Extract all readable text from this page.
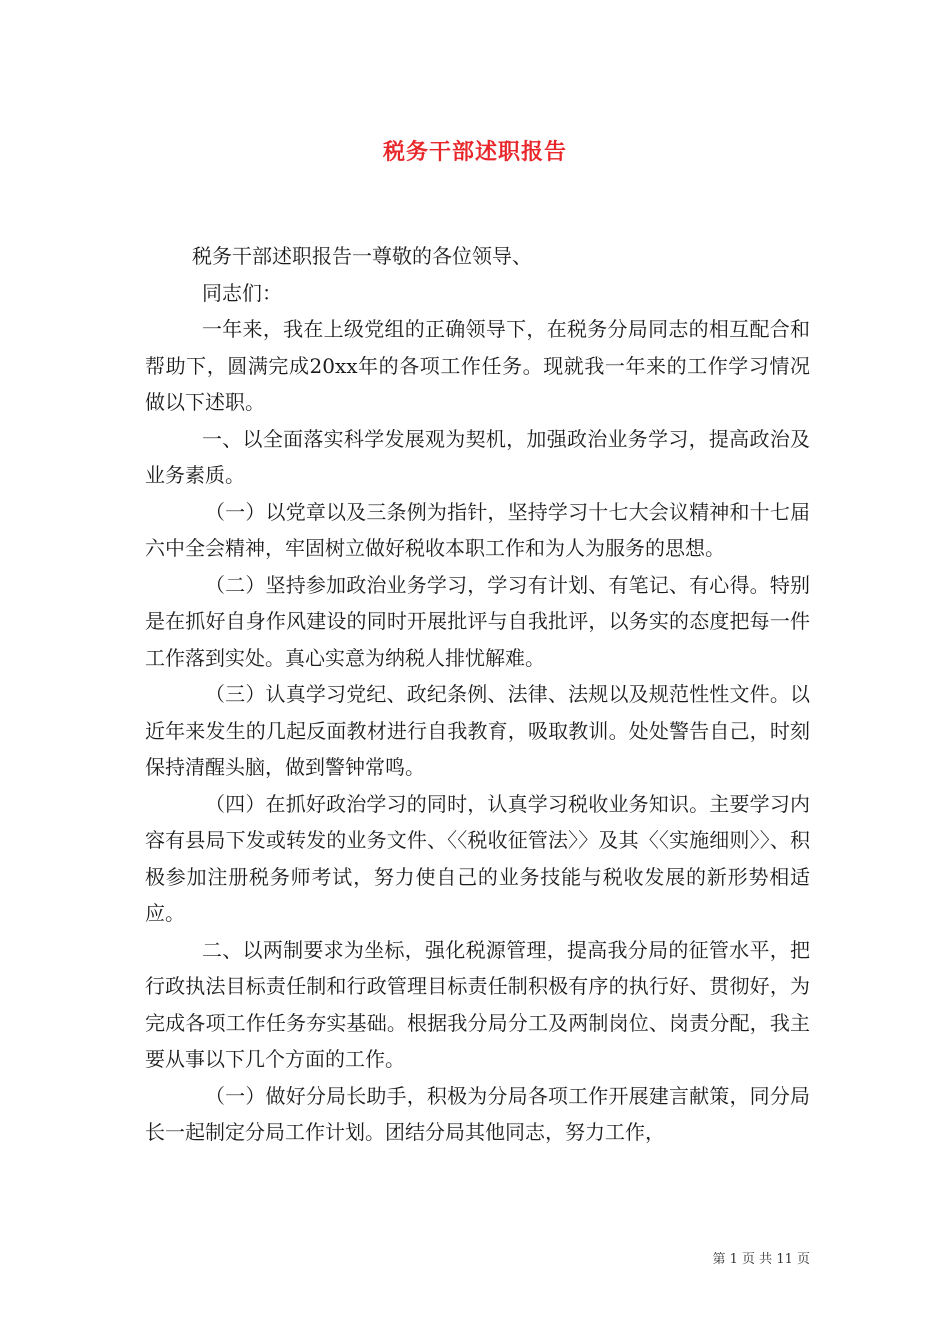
税务干部述职报告

税务干部述职报告一尊敬的各位领导、

同志们：

一年来，我在上级党组的正确领导下，在税务分局同志的相互配合和帮助下，圆满完成20xx年的各项工作任务。现就我一年来的工作学习情况做以下述职。

一、以全面落实科学发展观为契机，加强政治业务学习，提高政治及业务素质。

（一）以党章以及三条例为指针，坚持学习十七大会议精神和十七届六中全会精神，牢固树立做好税收本职工作和为人为服务的思想。

（二）坚持参加政治业务学习，学习有计划、有笔记、有心得。特别是在抓好自身作风建设的同时开展批评与自我批评，以务实的态度把每一件工作落到实处。真心实意为纳税人排忧解难。

（三）认真学习党纪、政纪条例、法律、法规以及规范性性文件。以近年来发生的几起反面教材进行自我教育，吸取教训。处处警告自己，时刻保持清醒头脑，做到警钟常鸣。

（四）在抓好政治学习的同时，认真学习税收业务知识。主要学习内容有县局下发或转发的业务文件、〈〈税收征管法〉〉及其〈〈实施细则〉〉、积极参加注册税务师考试，努力使自己的业务技能与税收发展的新形势相适应。

二、以两制要求为坐标，强化税源管理，提高我分局的征管水平，把行政执法目标责任制和行政管理目标责任制积极有序的执行好、贯彻好，为完成各项工作任务夯实基础。根据我分局分工及两制岗位、岗责分配，我主要从事以下几个方面的工作。

（一）做好分局长助手，积极为分局各项工作开展建言献策，同分局长一起制定分局工作计划。团结分局其他同志，努力工作，

第 1 页 共 11 页
